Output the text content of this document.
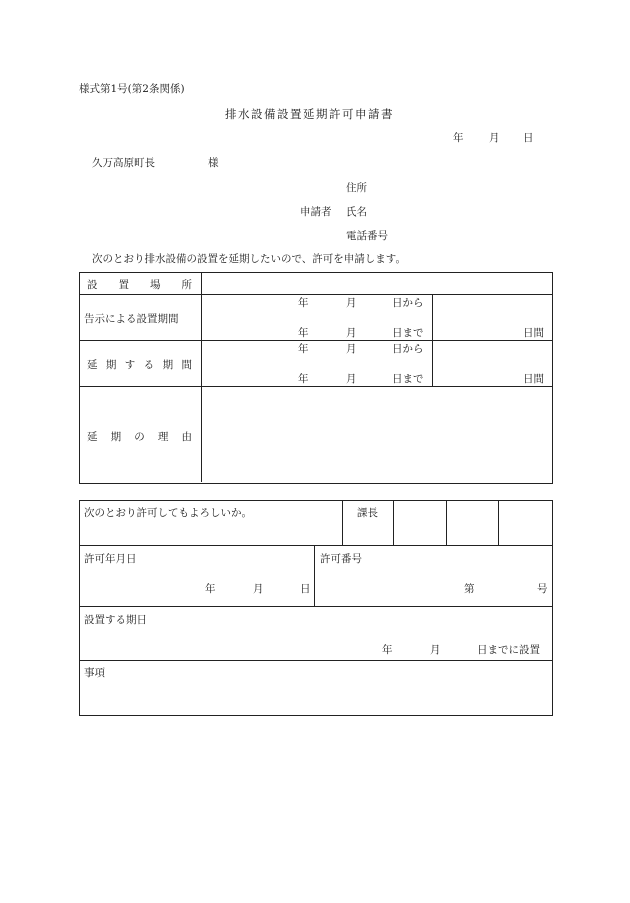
様式第1号(第2条関係)
排水設備設置延期許可申請書
年 月 日
久万高原町長	様
住所
申請者 氏名
電話番号
次のとおり排水設備の設置を延期したいので、許可を申請します。
設 置 場 所
告示による設置期間
年	月	日から
年	月	日まで	日間
延 期 す る 期 間
年	月	日から
年	月	日まで	日間
延 期 の 理 由
次のとおり許可してもよろしいか。	課長
許可年月日
年	月	日
許可番号
第	号
設置する期日
年	月	日までに設置
事項
